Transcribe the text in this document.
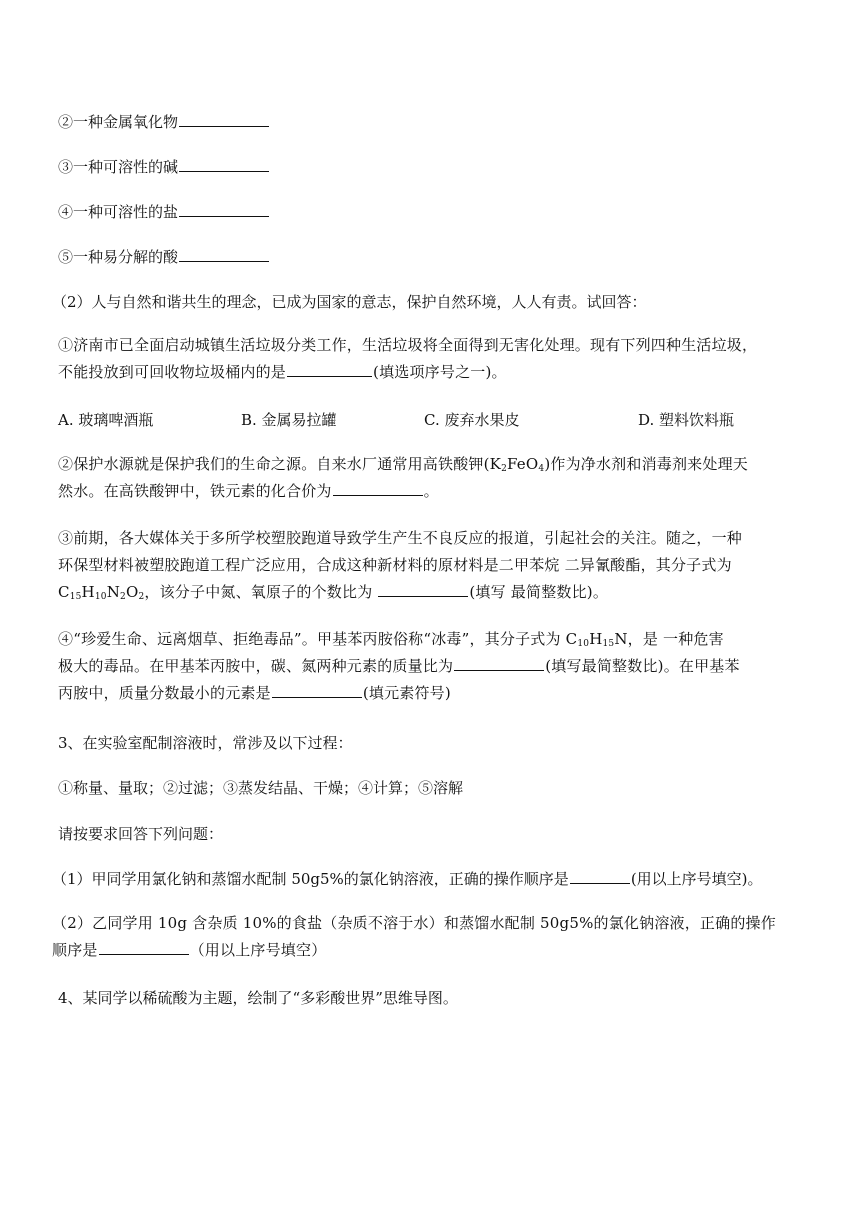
②一种金属氧化物
③一种可溶性的碱
④一种可溶性的盐
⑤一种易分解的酸
（2）人与自然和谐共生的理念，已成为国家的意志，保护自然环境，人人有责。试回答：
①济南市已全面启动城镇生活垃圾分类工作，生活垃圾将全面得到无害化处理。现有下列四种生活垃圾，
不能投放到可回收物垃圾桶内的是	(填选项序号之一)。
A. 玻璃啤酒瓶	B. 金属易拉罐	C. 废弃水果皮	D. 塑料饮料瓶
②保护水源就是保护我们的生命之源。自来水厂通常用高铁酸钾$(K_2FeO_4)$作为净水剂和消毒剂来处理天
然水。在高铁酸钾中，铁元素的化合价为	。
③前期，各大媒体关于多所学校塑胶跑道导致学生产生不良反应的报道，引起社会的关注。随之，一种
环保型材料被塑胶跑道工程广泛应用，合成这种新材料的原材料是二甲苯烷 二异氰酸酯，其分子式为
$C_{15}H_{10}N_2O_2$，该分子中氮、氧原子的个数比为	(填写 最简整数比)。
④“珍爱生命、远离烟草、拒绝毒品”。甲基苯丙胺俗称“冰毒”，其分子式为 $C_{10}H_{15}N$，是 一种危害
极大的毒品。在甲基苯丙胺中，碳、氮两种元素的质量比为	(填写最简整数比)。在甲基苯
丙胺中，质量分数最小的元素是	(填元素符号)
3、在实验室配制溶液时，常涉及以下过程：
①称量、量取；②过滤；③蒸发结晶、干燥；④计算；⑤溶解
请按要求回答下列问题：
（1）甲同学用氯化钠和蒸馏水配制 50g5%的氯化钠溶液，正确的操作顺序是	(用以上序号填空)。
（2）乙同学用 10g 含杂质 10%的食盐（杂质不溶于水）和蒸馏水配制 50g5%的氯化钠溶液，正确的操作
顺序是	（用以上序号填空）
4、某同学以稀硫酸为主题，绘制了“多彩酸世界”思维导图。
